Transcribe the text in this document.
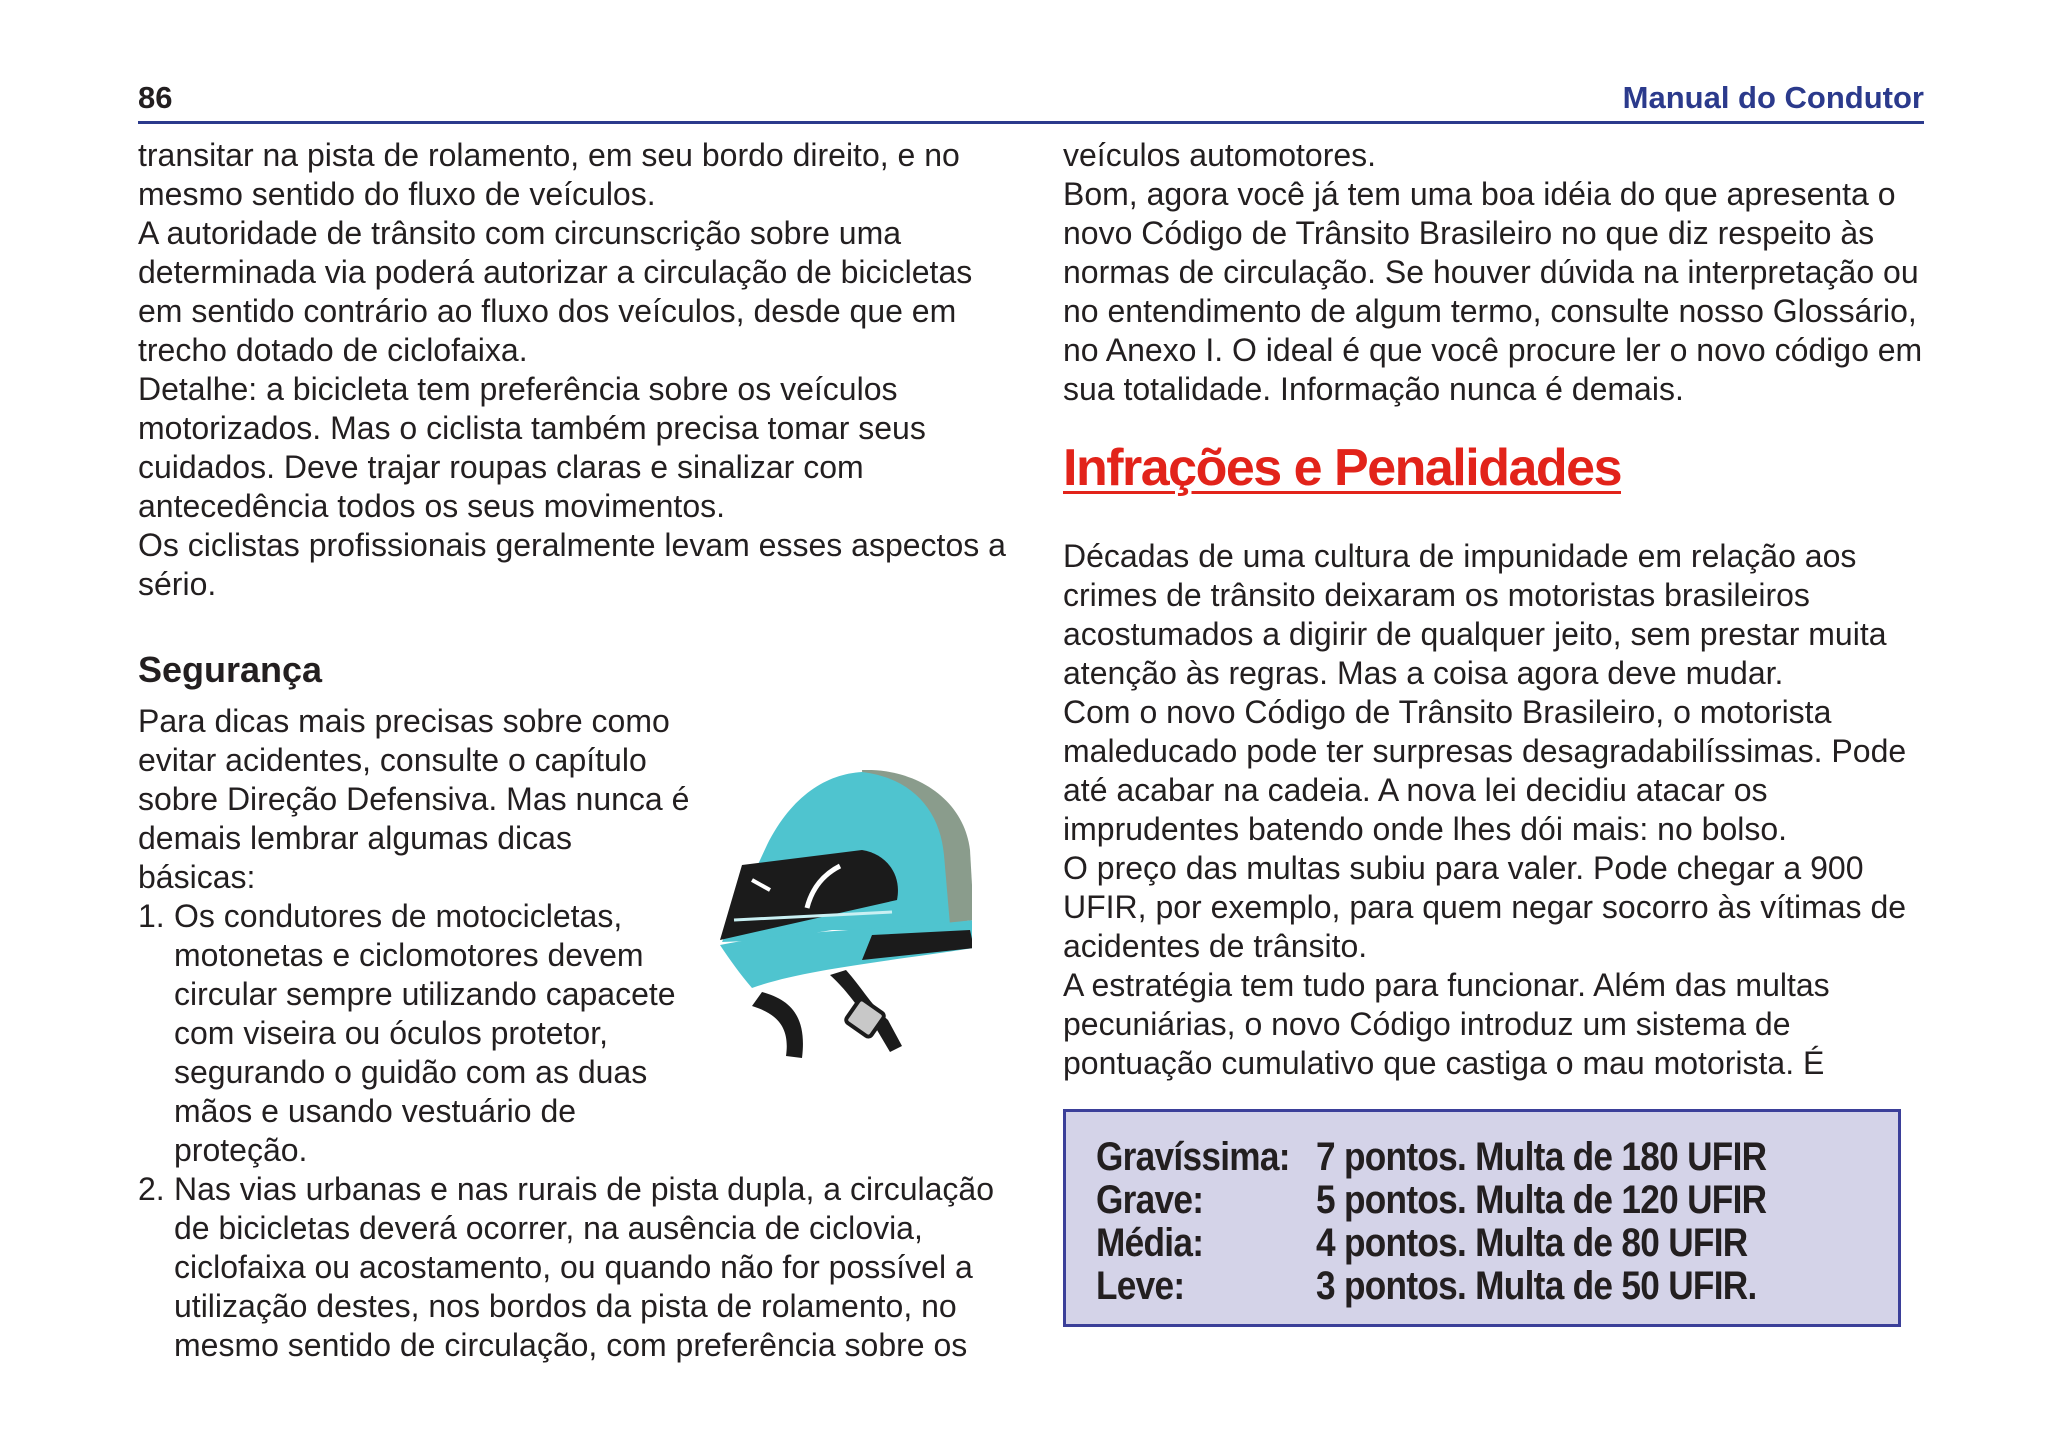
86	Manual do Condutor

transitar na pista de rolamento, em seu bordo direito, e no mesmo sentido do fluxo de veículos.

A autoridade de trânsito com circunscrição sobre uma determinada via poderá autorizar a circulação de bicicletas em sentido contrário ao fluxo dos veículos, desde que em trecho dotado de ciclofaixa.

Detalhe: a bicicleta tem preferência sobre os veículos motorizados. Mas o ciclista também precisa tomar seus cuidados. Deve trajar roupas claras e sinalizar com antecedência todos os seus movimentos.

Os ciclistas profissionais geralmente levam esses aspectos a sério.

Segurança

Para dicas mais precisas sobre como evitar acidentes, consulte o capítulo sobre Direção Defensiva. Mas nunca é demais lembrar algumas dicas básicas:

1. Os condutores de motocicletas, motonetas e ciclomotores devem circular sempre utilizando capacete com viseira ou óculos protetor, segurando o guidão com as duas mãos e usando vestuário de proteção.
2. Nas vias urbanas e nas rurais de pista dupla, a circulação de bicicletas deverá ocorrer, na ausência de ciclovia, ciclofaixa ou acostamento, ou quando não for possível a utilização destes, nos bordos da pista de rolamento, no mesmo sentido de circulação, com preferência sobre os

veículos automotores.

Bom, agora você já tem uma boa idéia do que apresenta o novo Código de Trânsito Brasileiro no que diz respeito às normas de circulação. Se houver dúvida na interpretação ou no entendimento de algum termo, consulte nosso Glossário, no Anexo I. O ideal é que você procure ler o novo código em sua totalidade. Informação nunca é demais.

Infrações e Penalidades

Décadas de uma cultura de impunidade em relação aos crimes de trânsito deixaram os motoristas brasileiros acostumados a digirir de qualquer jeito, sem prestar muita atenção às regras. Mas a coisa agora deve mudar.

Com o novo Código de Trânsito Brasileiro, o motorista maleducado pode ter surpresas desagradabilíssimas. Pode até acabar na cadeia. A nova lei decidiu atacar os imprudentes batendo onde lhes dói mais: no bolso.

O preço das multas subiu para valer. Pode chegar a 900 UFIR, por exemplo, para quem negar socorro às vítimas de acidentes de trânsito.

A estratégia tem tudo para funcionar. Além das multas pecuniárias, o novo Código introduz um sistema de pontuação cumulativo que castiga o mau motorista. É

Gravíssima: 7 pontos. Multa de 180 UFIR
Grave:	5 pontos. Multa de 120 UFIR
Média:	4 pontos. Multa de 80 UFIR
Leve:	3 pontos. Multa de 50 UFIR.
